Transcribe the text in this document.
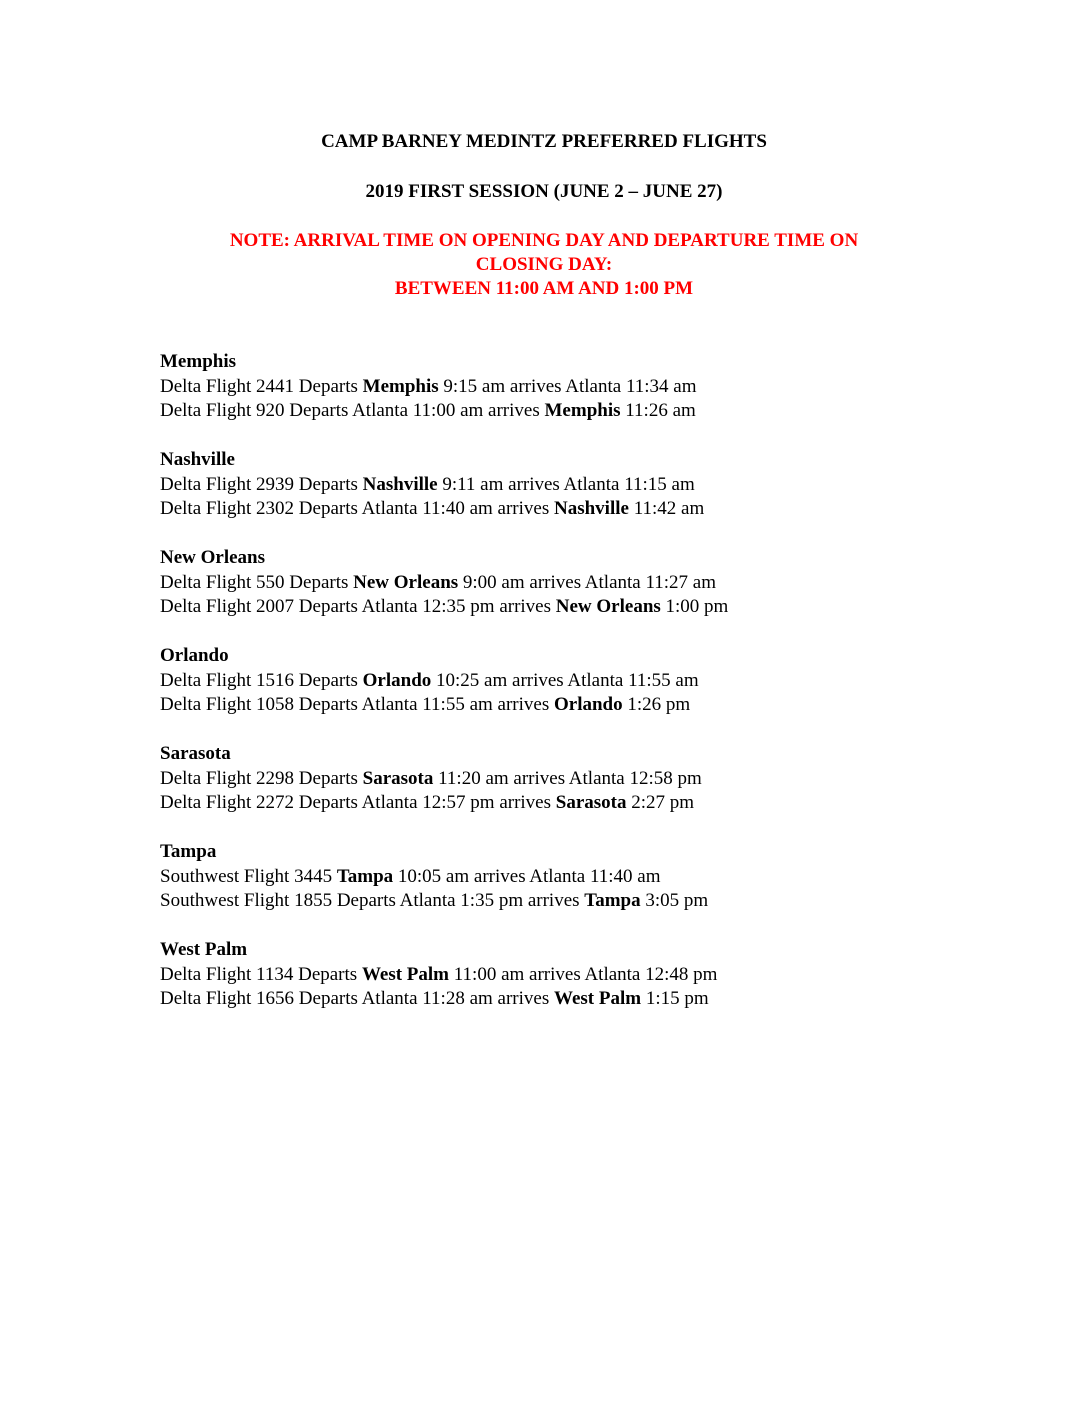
CAMP BARNEY MEDINTZ PREFERRED FLIGHTS
2019 FIRST SESSION (JUNE 2 – JUNE 27)
NOTE: ARRIVAL TIME ON OPENING DAY AND DEPARTURE TIME ON
CLOSING DAY:
BETWEEN 11:00 AM AND 1:00 PM
Memphis
Delta Flight 2441 Departs Memphis 9:15 am arrives Atlanta 11:34 am
Delta Flight 920 Departs Atlanta 11:00 am arrives Memphis 11:26 am
Nashville
Delta Flight 2939 Departs Nashville 9:11 am arrives Atlanta 11:15 am
Delta Flight 2302 Departs Atlanta 11:40 am arrives Nashville 11:42 am
New Orleans
Delta Flight 550 Departs New Orleans 9:00 am arrives Atlanta 11:27 am
Delta Flight 2007 Departs Atlanta 12:35 pm arrives New Orleans 1:00 pm
Orlando
Delta Flight 1516 Departs Orlando 10:25 am arrives Atlanta 11:55 am
Delta Flight 1058 Departs Atlanta 11:55 am arrives Orlando 1:26 pm
Sarasota
Delta Flight 2298 Departs Sarasota 11:20 am arrives Atlanta 12:58 pm
Delta Flight 2272 Departs Atlanta 12:57 pm arrives Sarasota 2:27 pm
Tampa
Southwest Flight 3445 Tampa 10:05 am arrives Atlanta 11:40 am
Southwest Flight 1855 Departs Atlanta 1:35 pm arrives Tampa 3:05 pm
West Palm
Delta Flight 1134 Departs West Palm 11:00 am arrives Atlanta 12:48 pm
Delta Flight 1656 Departs Atlanta 11:28 am arrives West Palm 1:15 pm
